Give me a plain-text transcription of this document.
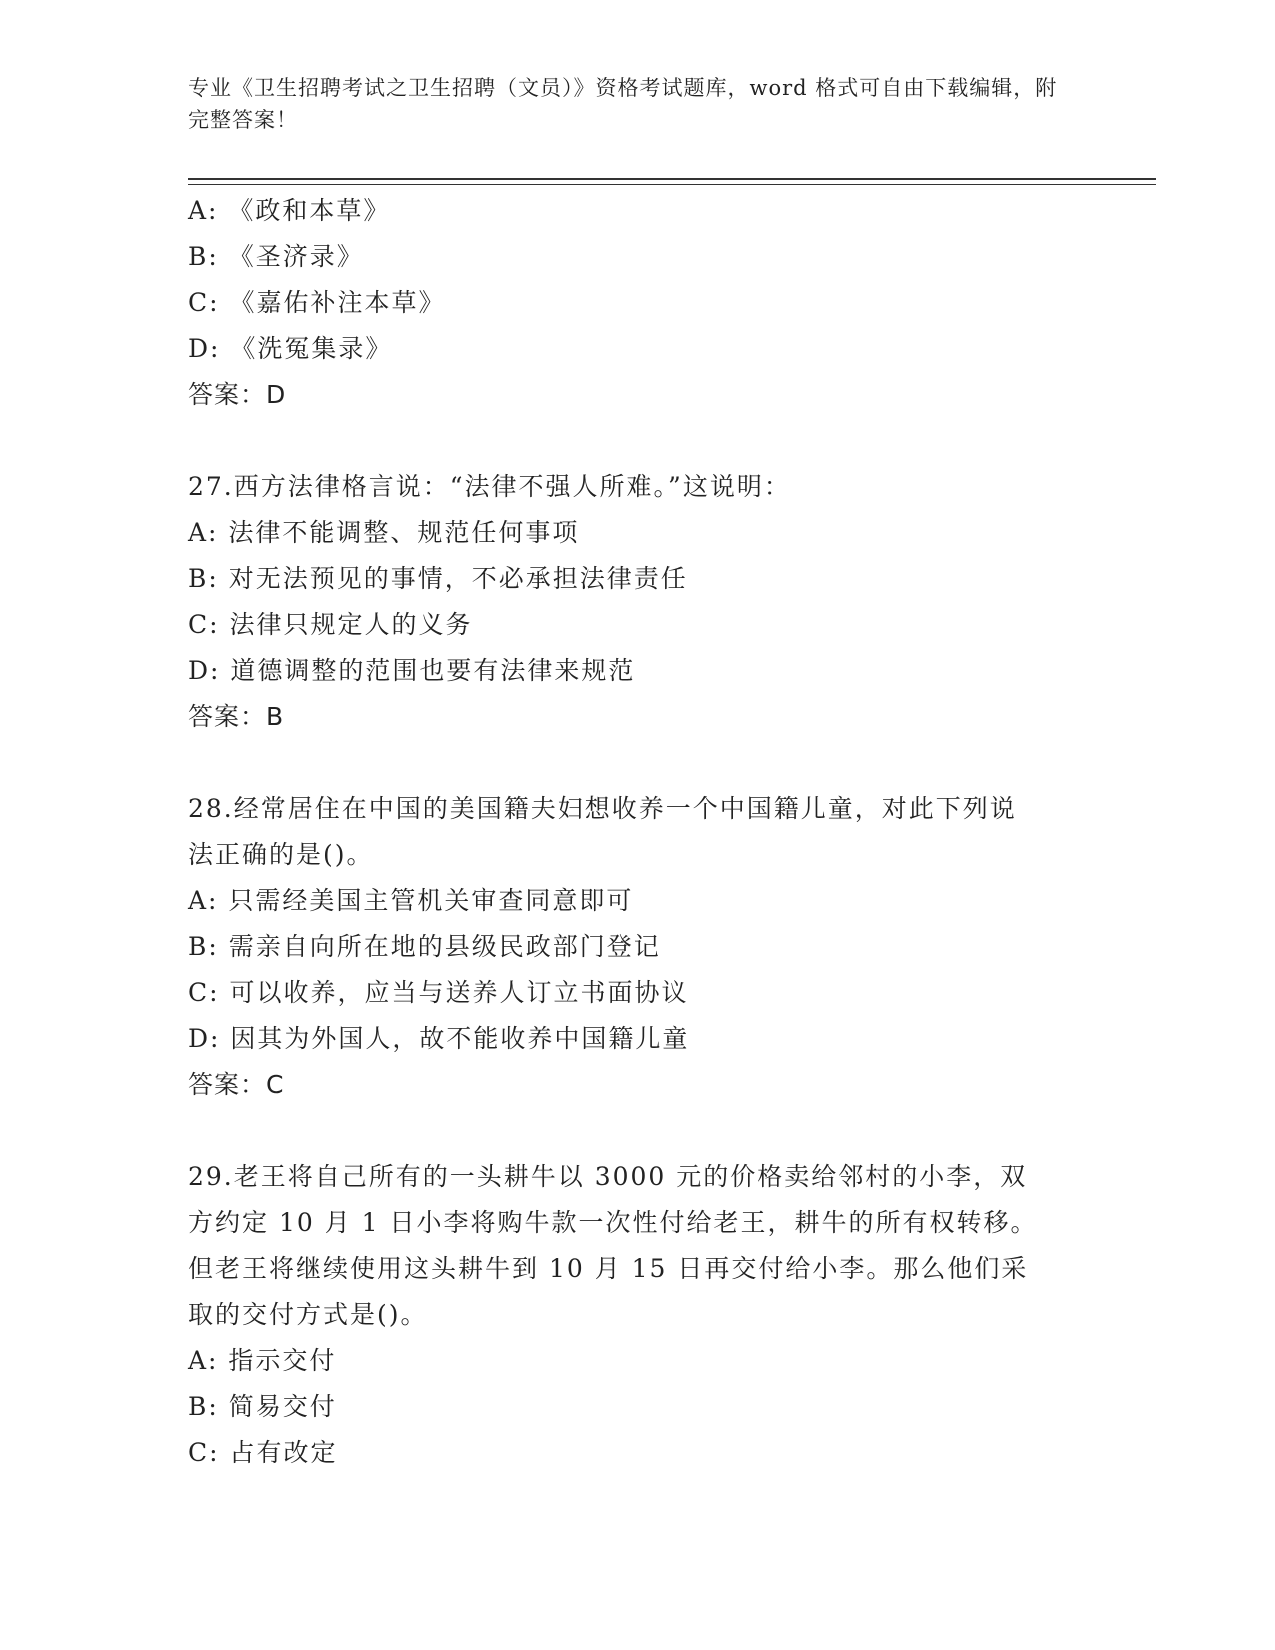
专业《卫生招聘考试之卫生招聘（文员）》资格考试题库，word 格式可自由下载编辑，附完整答案！
A: 《政和本草》
B: 《圣济录》
C: 《嘉佑补注本草》
D: 《洗冤集录》
答案：D
27.西方法律格言说：“法律不强人所难。”这说明：
A: 法律不能调整、规范任何事项
B: 对无法预见的事情，不必承担法律责任
C: 法律只规定人的义务
D: 道德调整的范围也要有法律来规范
答案：B
28.经常居住在中国的美国籍夫妇想收养一个中国籍儿童，对此下列说
法正确的是()。
A: 只需经美国主管机关审查同意即可
B: 需亲自向所在地的县级民政部门登记
C: 可以收养，应当与送养人订立书面协议
D: 因其为外国人，故不能收养中国籍儿童
答案：C
29.老王将自己所有的一头耕牛以 3000 元的价格卖给邻村的小李，双
方约定 10 月 1 日小李将购牛款一次性付给老王，耕牛的所有权转移。
但老王将继续使用这头耕牛到 10 月 15 日再交付给小李。那么他们采
取的交付方式是()。
A: 指示交付
B: 简易交付
C: 占有改定
